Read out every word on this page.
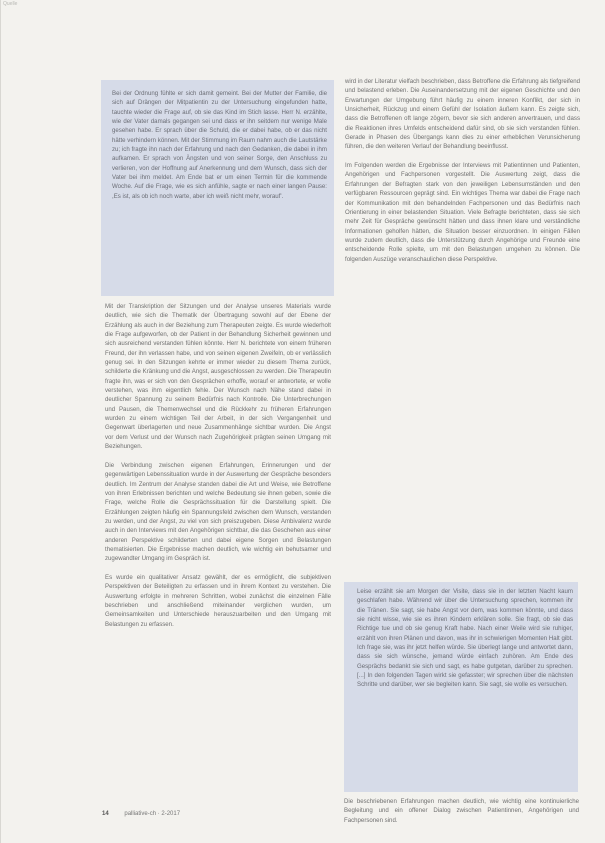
Quelle

Bei der Ordnung fühlte er sich damit gemeint. Bei der Mutter der Familie, die sich auf Drängen der Mitpatientin zu der Untersuchung eingefunden hatte, tauchte wieder die Frage auf, ob sie das Kind im Stich lasse. Herr N. erzählte, wie der Vater damals gegangen sei und dass er ihn seitdem nur wenige Male gesehen habe. Er sprach über die Schuld, die er dabei habe, ob er das nicht hätte verhindern können. Mit der Stimmung im Raum nahm auch die Lautstärke zu; ich fragte ihn nach der Erfahrung und nach den Gedanken, die dabei in ihm aufkamen. Er sprach von Ängsten und von seiner Sorge, den Anschluss zu verlieren, von der Hoffnung auf Anerkennung und dem Wunsch, dass sich der Vater bei ihm meldet. Am Ende bat er um einen Termin für die kommende Woche. Auf die Frage, wie es sich anfühle, sagte er nach einer langen Pause: ,Es ist, als ob ich noch warte, aber ich weiß nicht mehr, worauf'.

Mit der Transkription der Sitzungen und der Analyse unseres Materials wurde deutlich, wie sich die Thematik der Übertragung sowohl auf der Ebene der Erzählung als auch in der Beziehung zum Therapeuten zeigte. Es wurde wiederholt die Frage aufgeworfen, ob der Patient in der Behandlung Sicherheit gewinnen und sich ausreichend verstanden fühlen könnte. Herr N. berichtete von einem früheren Freund, der ihn verlassen habe, und von seinen eigenen Zweifeln, ob er verlässlich genug sei. In den Sitzungen kehrte er immer wieder zu diesem Thema zurück, schilderte die Kränkung und die Angst, ausgeschlossen zu werden. Die Therapeutin fragte ihn, was er sich von den Gesprächen erhoffe, worauf er antwortete, er wolle verstehen, was ihm eigentlich fehle. Der Wunsch nach Nähe stand dabei in deutlicher Spannung zu seinem Bedürfnis nach Kontrolle. Die Unterbrechungen und Pausen, die Themenwechsel und die Rückkehr zu früheren Erfahrungen wurden zu einem wichtigen Teil der Arbeit, in der sich Vergangenheit und Gegenwart überlagerten und neue Zusammenhänge sichtbar wurden. Die Angst vor dem Verlust und der Wunsch nach Zugehörigkeit prägten seinen Umgang mit Beziehungen.

Die Verbindung zwischen eigenen Erfahrungen, Erinnerungen und der gegenwärtigen Lebenssituation wurde in der Auswertung der Gespräche besonders deutlich. Im Zentrum der Analyse standen dabei die Art und Weise, wie Betroffene von ihren Erlebnissen berichten und welche Bedeutung sie ihnen geben, sowie die Frage, welche Rolle die Gesprächssituation für die Darstellung spielt. Die Erzählungen zeigten häufig ein Spannungsfeld zwischen dem Wunsch, verstanden zu werden, und der Angst, zu viel von sich preiszugeben. Diese Ambivalenz wurde auch in den Interviews mit den Angehörigen sichtbar, die das Geschehen aus einer anderen Perspektive schilderten und dabei eigene Sorgen und Belastungen thematisierten. Die Ergebnisse machen deutlich, wie wichtig ein behutsamer und zugewandter Umgang im Gespräch ist.

Es wurde ein qualitativer Ansatz gewählt, der es ermöglicht, die subjektiven Perspektiven der Beteiligten zu erfassen und in ihrem Kontext zu verstehen. Die Auswertung erfolgte in mehreren Schritten, wobei zunächst die einzelnen Fälle beschrieben und anschließend miteinander verglichen wurden, um Gemeinsamkeiten und Unterschiede herauszuarbeiten und den Umgang mit Belastungen zu erfassen.

wird in der Literatur vielfach beschrieben, dass Betroffene die Erfahrung als tiefgreifend und belastend erleben. Die Auseinandersetzung mit der eigenen Geschichte und den Erwartungen der Umgebung führt häufig zu einem inneren Konflikt, der sich in Unsicherheit, Rückzug und einem Gefühl der Isolation äußern kann. Es zeigte sich, dass die Betroffenen oft lange zögern, bevor sie sich anderen anvertrauen, und dass die Reaktionen ihres Umfelds entscheidend dafür sind, ob sie sich verstanden fühlen. Gerade in Phasen des Übergangs kann dies zu einer erheblichen Verunsicherung führen, die den weiteren Verlauf der Behandlung beeinflusst.

Im Folgenden werden die Ergebnisse der Interviews mit Patientinnen und Patienten, Angehörigen und Fachpersonen vorgestellt. Die Auswertung zeigt, dass die Erfahrungen der Befragten stark von den jeweiligen Lebensumständen und den verfügbaren Ressourcen geprägt sind. Ein wichtiges Thema war dabei die Frage nach der Kommunikation mit den behandelnden Fachpersonen und das Bedürfnis nach Orientierung in einer belastenden Situation. Viele Befragte berichteten, dass sie sich mehr Zeit für Gespräche gewünscht hätten und dass ihnen klare und verständliche Informationen geholfen hätten, die Situation besser einzuordnen. In einigen Fällen wurde zudem deutlich, dass die Unterstützung durch Angehörige und Freunde eine entscheidende Rolle spielte, um mit den Belastungen umgehen zu können. Die folgenden Auszüge veranschaulichen diese Perspektive.

Leise erzählt sie am Morgen der Visite, dass sie in der letzten Nacht kaum geschlafen habe. Während wir über die Untersuchung sprechen, kommen ihr die Tränen. Sie sagt, sie habe Angst vor dem, was kommen könnte, und dass sie nicht wisse, wie sie es ihren Kindern erklären solle. Sie fragt, ob sie das Richtige tue und ob sie genug Kraft habe. Nach einer Weile wird sie ruhiger, erzählt von ihren Plänen und davon, was ihr in schwierigen Momenten Halt gibt. Ich frage sie, was ihr jetzt helfen würde. Sie überlegt lange und antwortet dann, dass sie sich wünsche, jemand würde einfach zuhören. Am Ende des Gesprächs bedankt sie sich und sagt, es habe gutgetan, darüber zu sprechen. [...] In den folgenden Tagen wirkt sie gefasster; wir sprechen über die nächsten Schritte und darüber, wer sie begleiten kann. Sie sagt, sie wolle es versuchen.

Die beschriebenen Erfahrungen machen deutlich, wie wichtig eine kontinuierliche Begleitung und ein offener Dialog zwischen Patientinnen, Angehörigen und Fachpersonen sind.

14	palliative-ch · 2-2017
